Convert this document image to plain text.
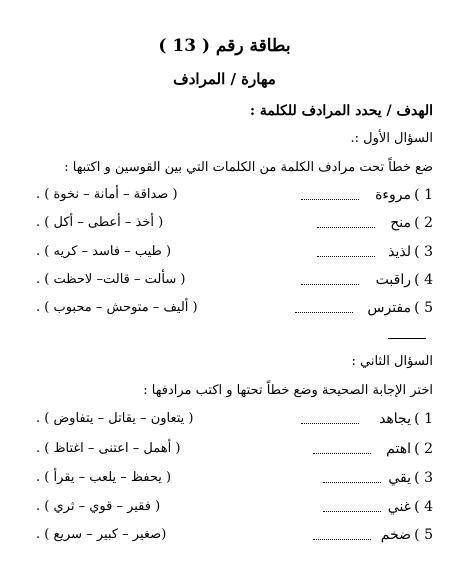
بطاقة رقم ( 13 )
مهارة / المرادف
الهدف / يحدد المرادف للكلمة :
السؤال الأول :.
ضع خطاً تحت مرادف الكلمة من الكلمات التي بين القوسين و اكتبها :
1 )
مروءة
( صداقة – أمانة – نخوة ) .
2 )
منح
( أخذ – أعطى – أكل ) .
3 )
لذيذ
( طيب – فاسد – كريه ) .
4 )
راقبت
( سألت – قالت– لاحظت ) .
5 )
مفترس
( أليف – متوحش – محبوب ) .
السؤال الثاني :
اختر الإجابة الصحيحة وضع خطاً تحتها و اكتب مرادفها :
1 )
يجاهد
( يتعاون – يقاتل – يتفاوض ) .
2 )
اهتم
( أهمل – اعتنى – اغتاظ ) .
3 )
يقي
( يحفظ – يلعب – يقرأ ) .
4 )
غني
( فقير – قوي – ثري ) .
5 )
ضخم
(صغير – كبير – سريع ) .
